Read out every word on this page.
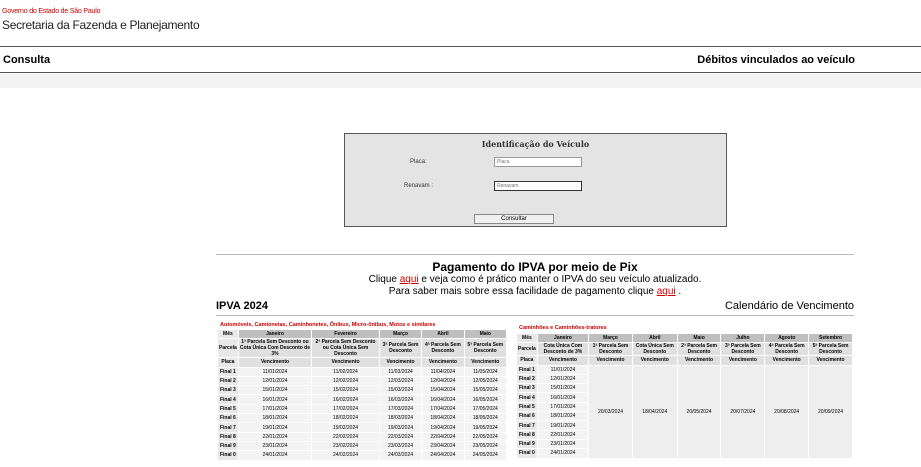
Governo do Estado de São Paulo
Secretaria da Fazenda e Planejamento
Consulta	Débitos vinculados ao veículo
Identificação do Veículo
Placa:
Placa
Renavam :
Renavam
Consultar
Pagamento do IPVA por meio de Pix
Clique aqui e veja como é prático manter o IPVA do seu veículo atualizado.
Para saber mais sobre essa facilidade de pagamento clique aqui .
IPVA 2024	Calendário de Vencimento
Automóveis, Camionetas, Caminhonetes, Ônibus, Micro-ônibus, Motos e similares
Mês	Janeiro	Fevereiro	Março	Abril	Maio
Parcela	1ª Parcela Sem Desconto ou Cota Única Com Desconto de 3%	2ª Parcela Sem Desconto ou Cota Única Sem Desconto	3ª Parcela Sem Desconto	4ª Parcela Sem Desconto	5ª Parcela Sem Desconto
Placa	Vencimento	Vencimento	Vencimento	Vencimento	Vencimento
Final 1	11/01/2024	11/02/2024	11/03/2024	11/04/2024	11/05/2024
Final 2	12/01/2024	12/02/2024	12/03/2024	12/04/2024	12/05/2024
Final 3	15/01/2024	15/02/2024	15/03/2024	15/04/2024	15/05/2024
Final 4	16/01/2024	16/02/2024	16/03/2024	16/04/2024	16/05/2024
Final 5	17/01/2024	17/02/2024	17/03/2024	17/04/2024	17/05/2024
Final 6	18/01/2024	18/02/2024	18/03/2024	18/04/2024	18/05/2024
Final 7	19/01/2024	19/02/2024	19/03/2024	19/04/2024	19/05/2024
Final 8	22/01/2024	22/02/2024	22/03/2024	22/04/2024	22/05/2024
Final 9	23/01/2024	23/02/2024	23/03/2024	23/04/2024	23/05/2024
Final 0	24/01/2024	24/02/2024	24/03/2024	24/04/2024	24/05/2024
Caminhões e Caminhões-tratores
Mês	Janeiro	Março	Abril	Maio	Julho	Agosto	Setembro
Parcela	Cota Única Com Desconto de 3%	1ª Parcela Sem Desconto	Cota Única Sem Desconto	2ª Parcela Sem Desconto	3ª Parcela Sem Desconto	4ª Parcela Sem Desconto	5ª Parcela Sem Desconto
Placa	Vencimento	Vencimento	Vencimento	Vencimento	Vencimento	Vencimento	Vencimento
Final 1	11/01/2024	20/03/2024	18/04/2024	20/05/2024	20/07/2024	20/08/2024	20/09/2024
Final 2	12/01/2024						
Final 3	15/01/2024						
Final 4	16/01/2024						
Final 5	17/01/2024						
Final 6	18/01/2024						
Final 7	19/01/2024						
Final 8	22/01/2024						
Final 9	23/01/2024						
Final 0	24/01/2024						
